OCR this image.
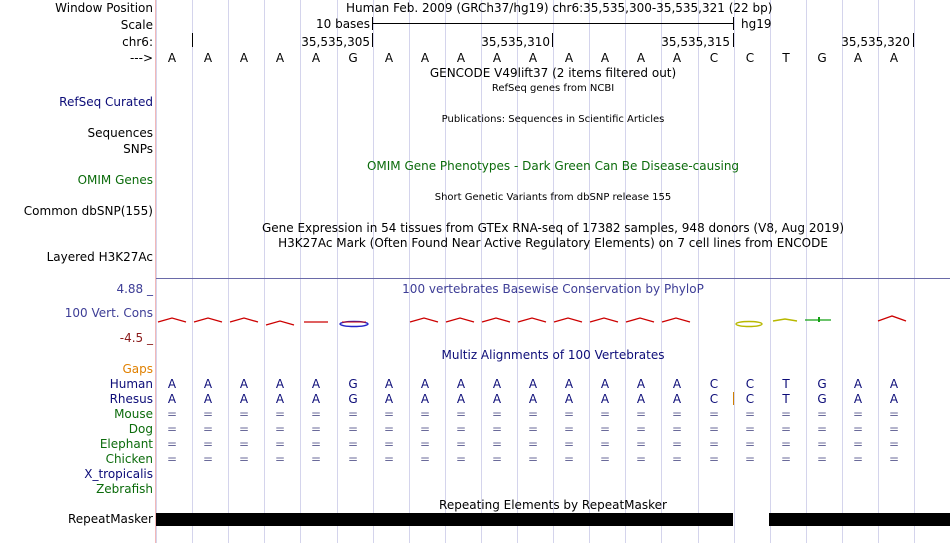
Window Position	Human Feb. 2009 (GRCh37/hg19) chr6:35,535,300-35,535,321 (22 bp)
Scale	10 bases	hg19
chr6:	35,535,305	35,535,310	35,535,315	35,535,320
--->	A	A	A	A	A	G	A	A	A	A	A	A	A	A	A	C	C	T	G	A	A
GENCODE V49lift37 (2 items filtered out)
RefSeq genes from NCBI
RefSeq Curated
Sequences
SNPs
Publications: Sequences in Scientific Articles
OMIM Gene Phenotypes - Dark Green Can Be Disease-causing
OMIM Genes
Short Genetic Variants from dbSNP release 155
Common dbSNP(155)
Gene Expression in 54 tissues from GTEx RNA-seq of 17382 samples, 948 donors (V8, Aug 2019)
H3K27Ac Mark (Often Found Near Active Regulatory Elements) on 7 cell lines from ENCODE
Layered H3K27Ac
4.88 _	100 vertebrates Basewise Conservation by PhyloP
100 Vert. Cons
-4.5 _
Multiz Alignments of 100 Vertebrates
Gaps
Human	A	A	A	A	A	G	A	A	A	A	A	A	A	A	A	C	C	T	G	A	A
Rhesus	A	A	A	A	A	G	A	A	A	A	A	A	A	A	A	C	C	T	G	A	A
Mouse	=	=	=	=	=	=	=	=	=	=	=	=	=	=	=	=	=	=	=	=	=
Dog	=	=	=	=	=	=	=	=	=	=	=	=	=	=	=	=	=	=	=	=	=
Elephant	=	=	=	=	=	=	=	=	=	=	=	=	=	=	=	=	=	=	=	=	=
Chicken	=	=	=	=	=	=	=	=	=	=	=	=	=	=	=	=	=	=	=	=	=
X_tropicalis
Zebrafish
Repeating Elements by RepeatMasker
RepeatMasker
